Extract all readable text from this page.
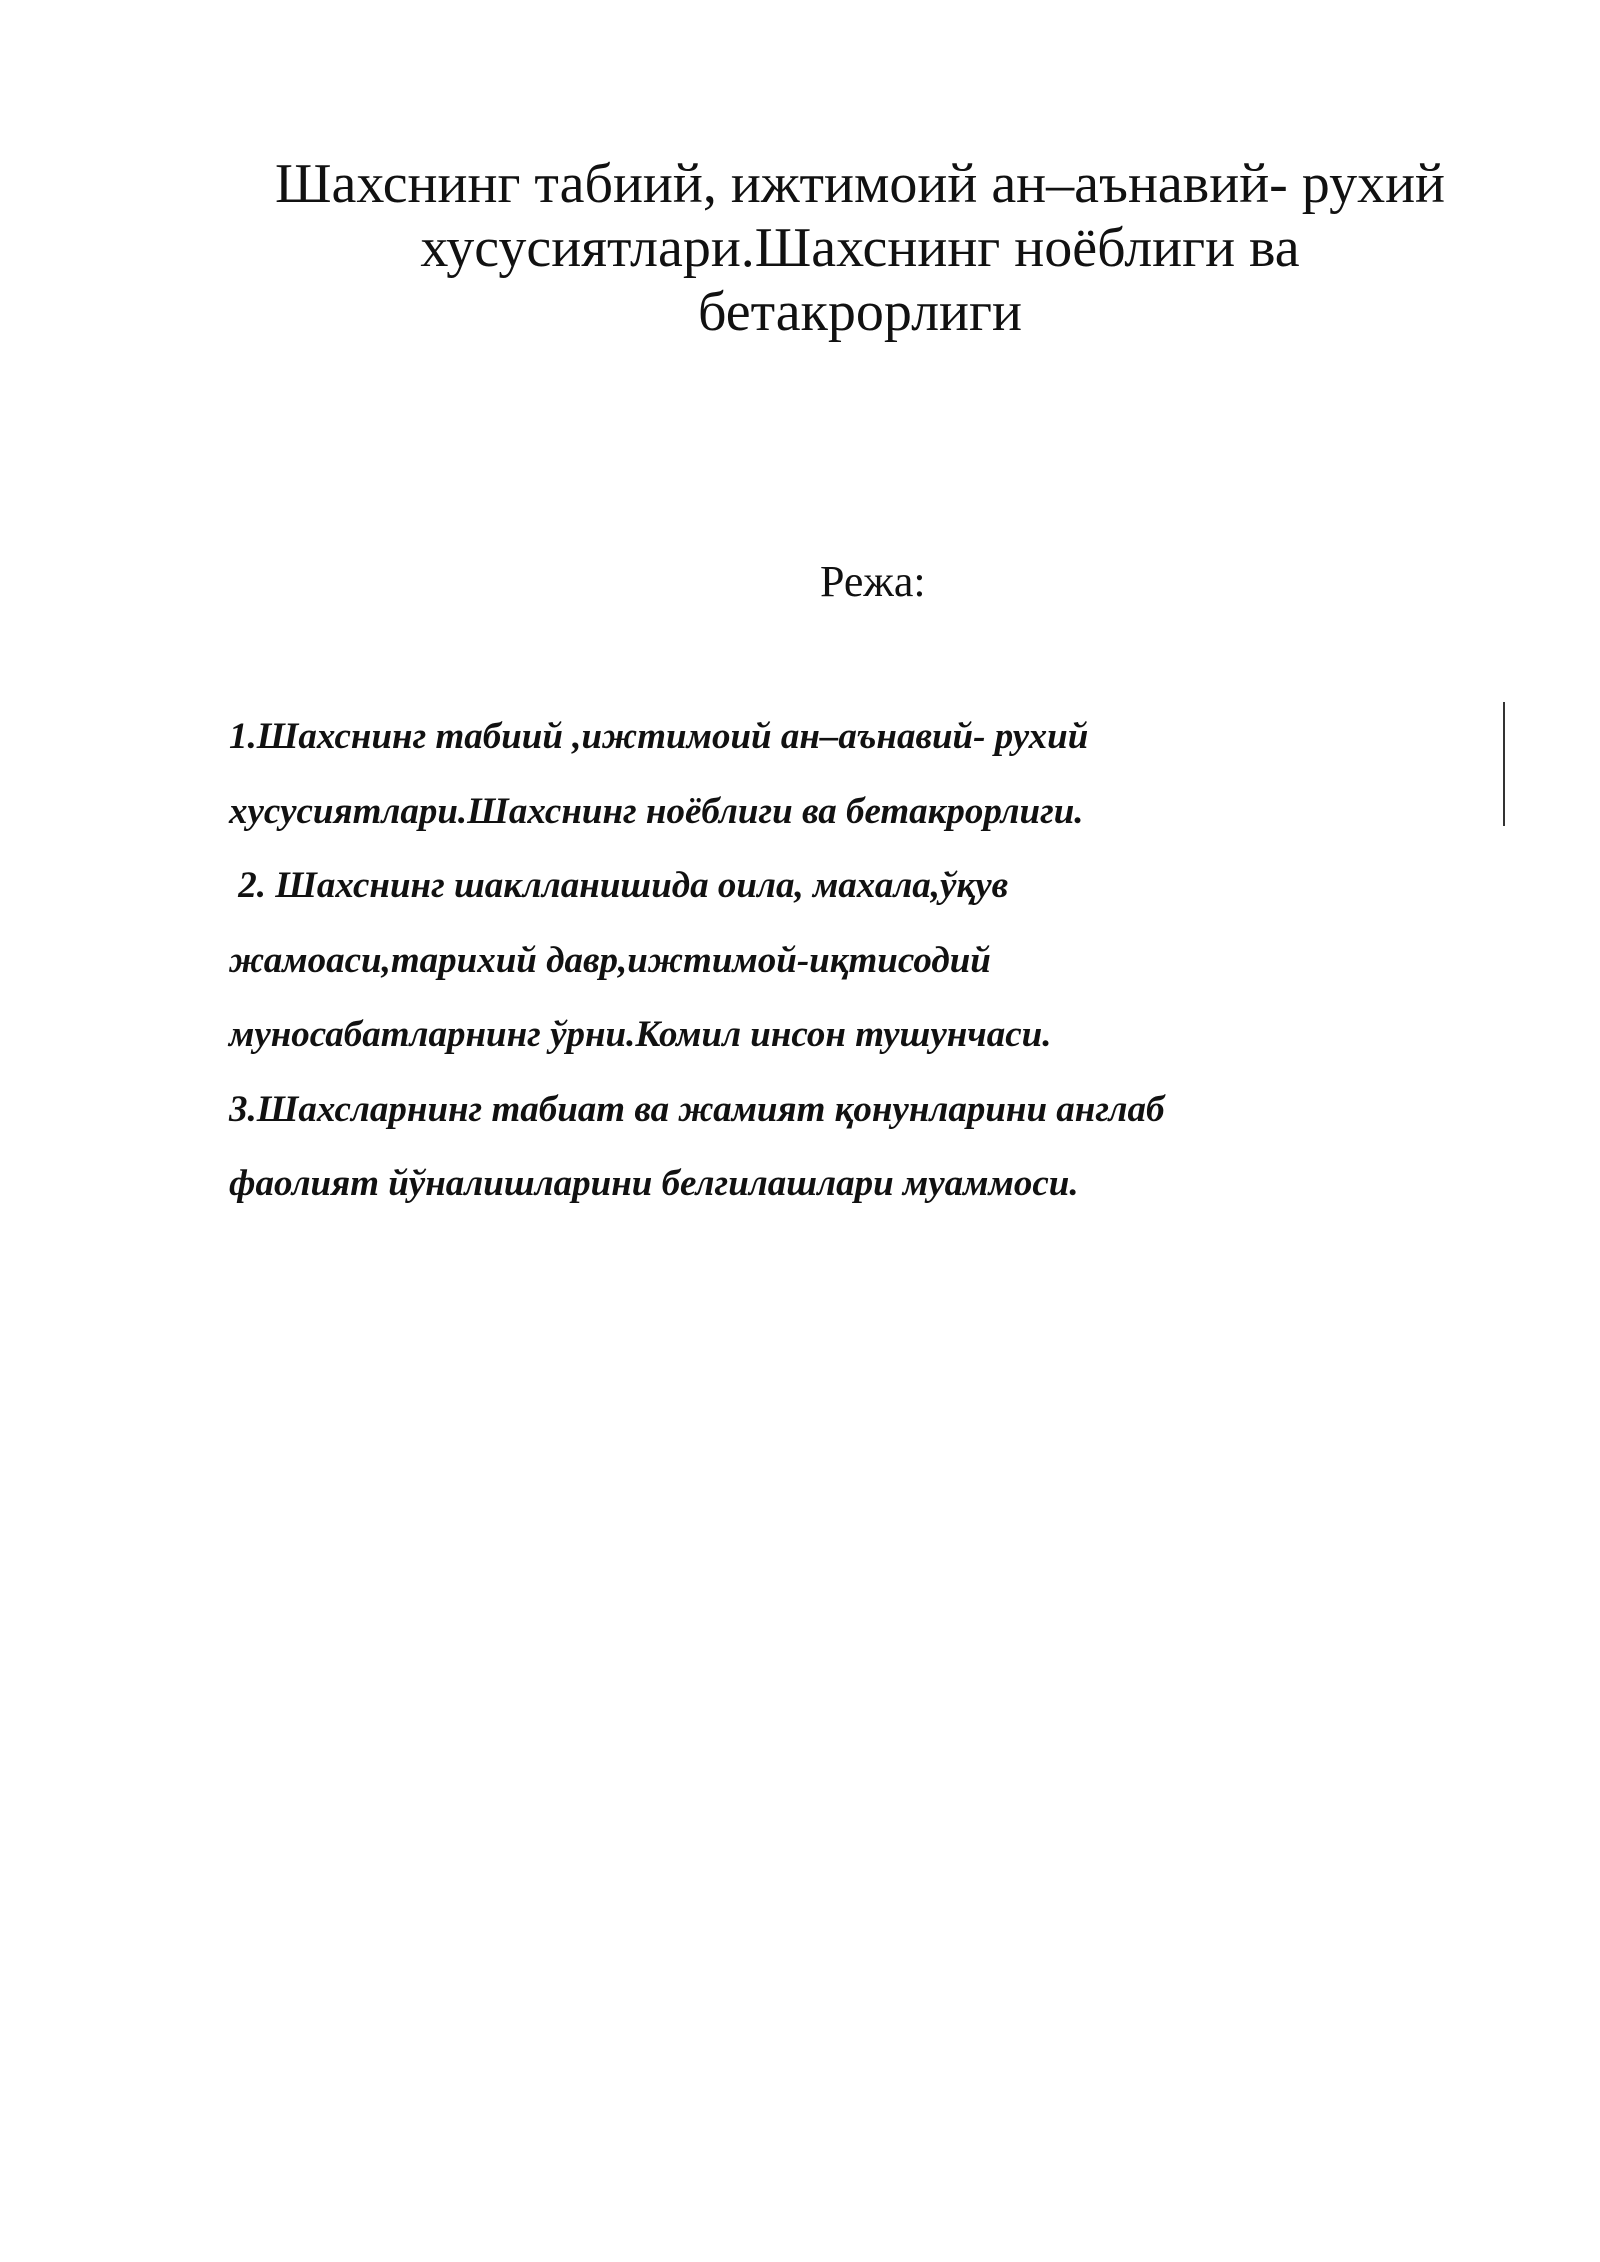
Шахснинг табиий, ижтимоий ан–аънавий- рухий
хусусиятлари.Шахснинг ноёблиги ва
бетакрорлиги

Режа:

1.Шахснинг табиий ,ижтимоий ан–аънавий- рухий
хусусиятлари.Шахснинг ноёблиги ва бетакрорлиги.
2. Шахснинг шаклланишида оила, махала,ўқув
жамоаси,тарихий давр,ижтимой-иқтисодий
муносабатларнинг ўрни.Комил инсон тушунчаси.
3.Шахсларнинг табиат ва жамият қонунларини англаб
фаолият йўналишларини белгилашлари муаммоси.
